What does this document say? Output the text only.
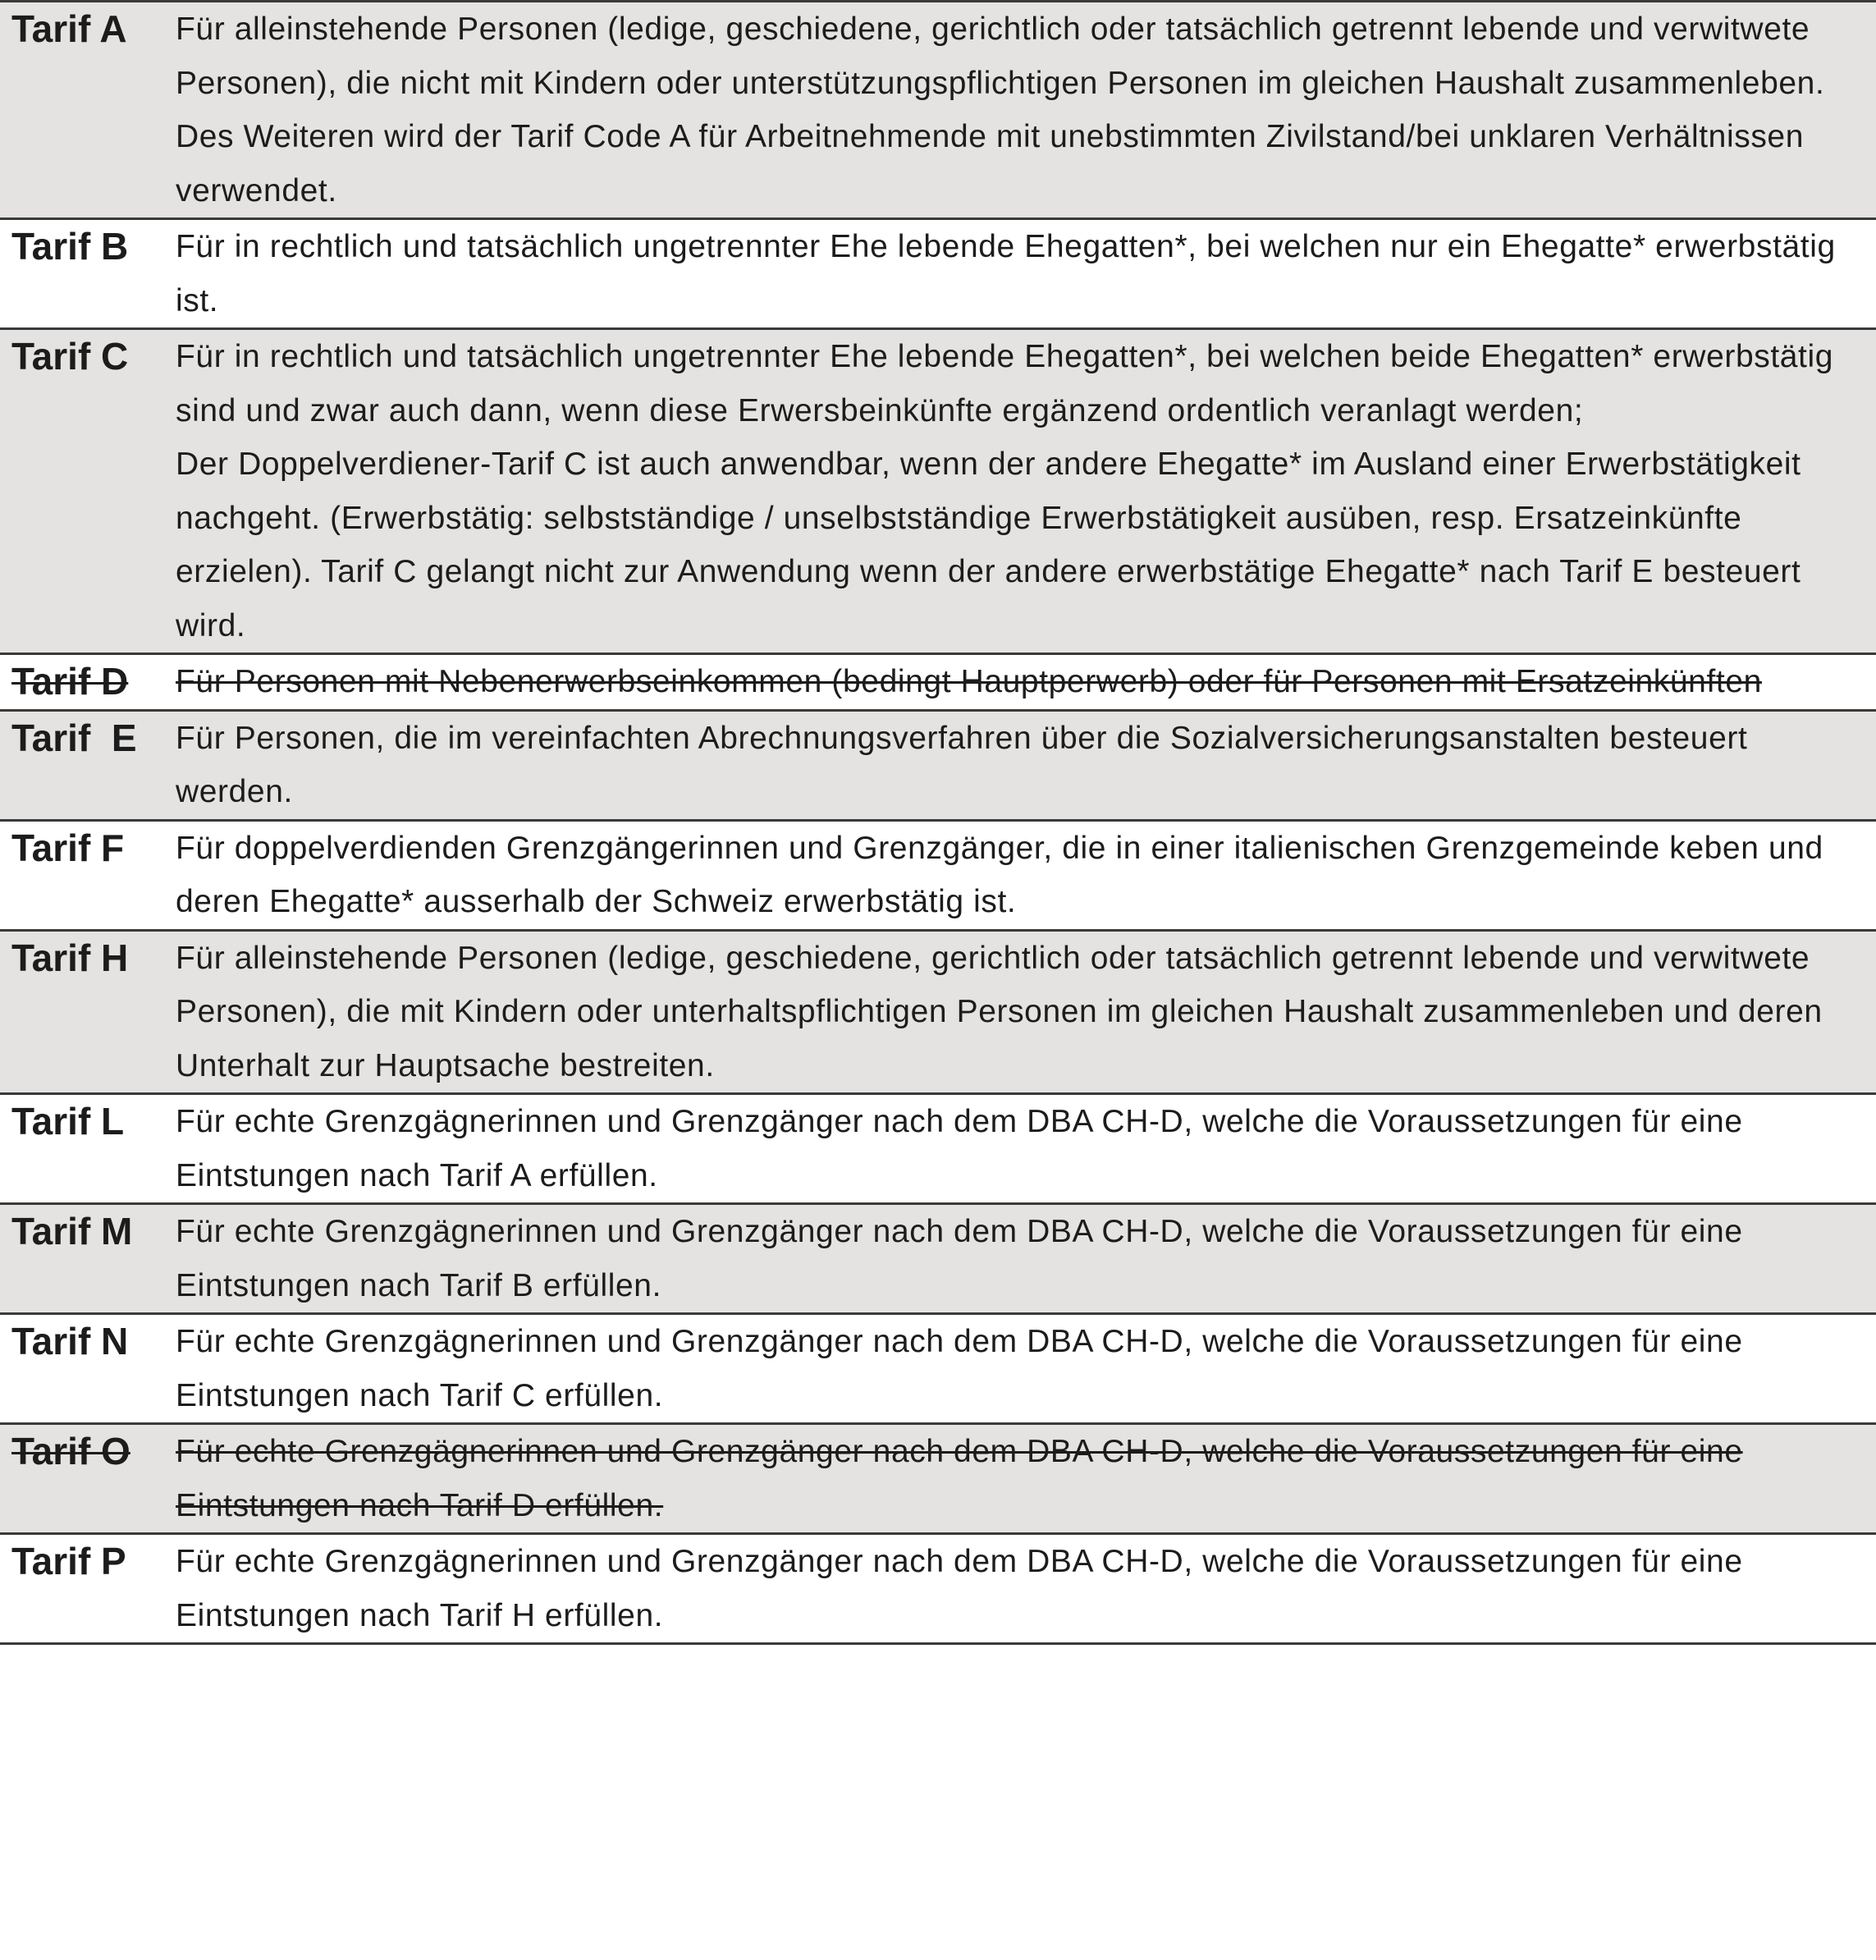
Tarif A	Für alleinstehende Personen (ledige, geschiedene, gerichtlich oder tatsächlich getrennt lebende und verwitwete Personen), die nicht mit Kindern oder unterstützungspflichtigen Personen im gleichen Haushalt zusammenleben. Des Weiteren wird der Tarif Code A für Arbeitnehmende mit unebstimmten Zivilstand/bei unklaren Verhältnissen verwendet.
Tarif B	Für in rechtlich und tatsächlich ungetrennter Ehe lebende Ehegatten*, bei welchen nur ein Ehegatte* erwerbstätig ist.
Tarif C	Für in rechtlich und tatsächlich ungetrennter Ehe lebende Ehegatten*, bei welchen beide Ehegatten* erwerbstätig sind und zwar auch dann, wenn diese Erwersbeinkünfte ergänzend ordentlich veranlagt werden;
Der Doppelverdiener-Tarif C ist auch anwendbar, wenn der andere Ehegatte* im Ausland einer Erwerbstätigkeit nachgeht. (Erwerbstätig: selbstständige / unselbstständige Erwerbstätigkeit ausüben, resp. Ersatzeinkünfte erzielen). Tarif C gelangt nicht zur Anwendung wenn der andere erwerbstätige Ehegatte* nach Tarif E besteuert wird.
Tarif D	Für Personen mit Nebenerwerbseinkommen (bedingt Hauptperwerb) oder für Personen mit Ersatzeinkünften
Tarif  E	Für Personen, die im vereinfachten Abrechnungsverfahren über die Sozialversicherungsanstalten besteuert werden.
Tarif F	Für doppelverdienden Grenzgängerinnen und Grenzgänger, die in einer italienischen Grenzgemeinde keben und deren Ehegatte* ausserhalb der Schweiz erwerbstätig ist.
Tarif H	Für alleinstehende Personen (ledige, geschiedene, gerichtlich oder tatsächlich getrennt lebende und verwitwete Personen), die mit Kindern oder unterhaltspflichtigen Personen im gleichen Haushalt zusammenleben und deren Unterhalt zur Hauptsache bestreiten.
Tarif L	Für echte Grenzgägnerinnen und Grenzgänger nach dem DBA CH-D, welche die Voraussetzungen für eine Eintstungen nach Tarif A erfüllen.
Tarif M	Für echte Grenzgägnerinnen und Grenzgänger nach dem DBA CH-D, welche die Voraussetzungen für eine Eintstungen nach Tarif B erfüllen.
Tarif N	Für echte Grenzgägnerinnen und Grenzgänger nach dem DBA CH-D, welche die Voraussetzungen für eine Eintstungen nach Tarif C erfüllen.
Tarif O	Für echte Grenzgägnerinnen und Grenzgänger nach dem DBA CH-D, welche die Voraussetzungen für eine Eintstungen nach Tarif D erfüllen.
Tarif P	Für echte Grenzgägnerinnen und Grenzgänger nach dem DBA CH-D, welche die Voraussetzungen für eine Eintstungen nach Tarif H erfüllen.
